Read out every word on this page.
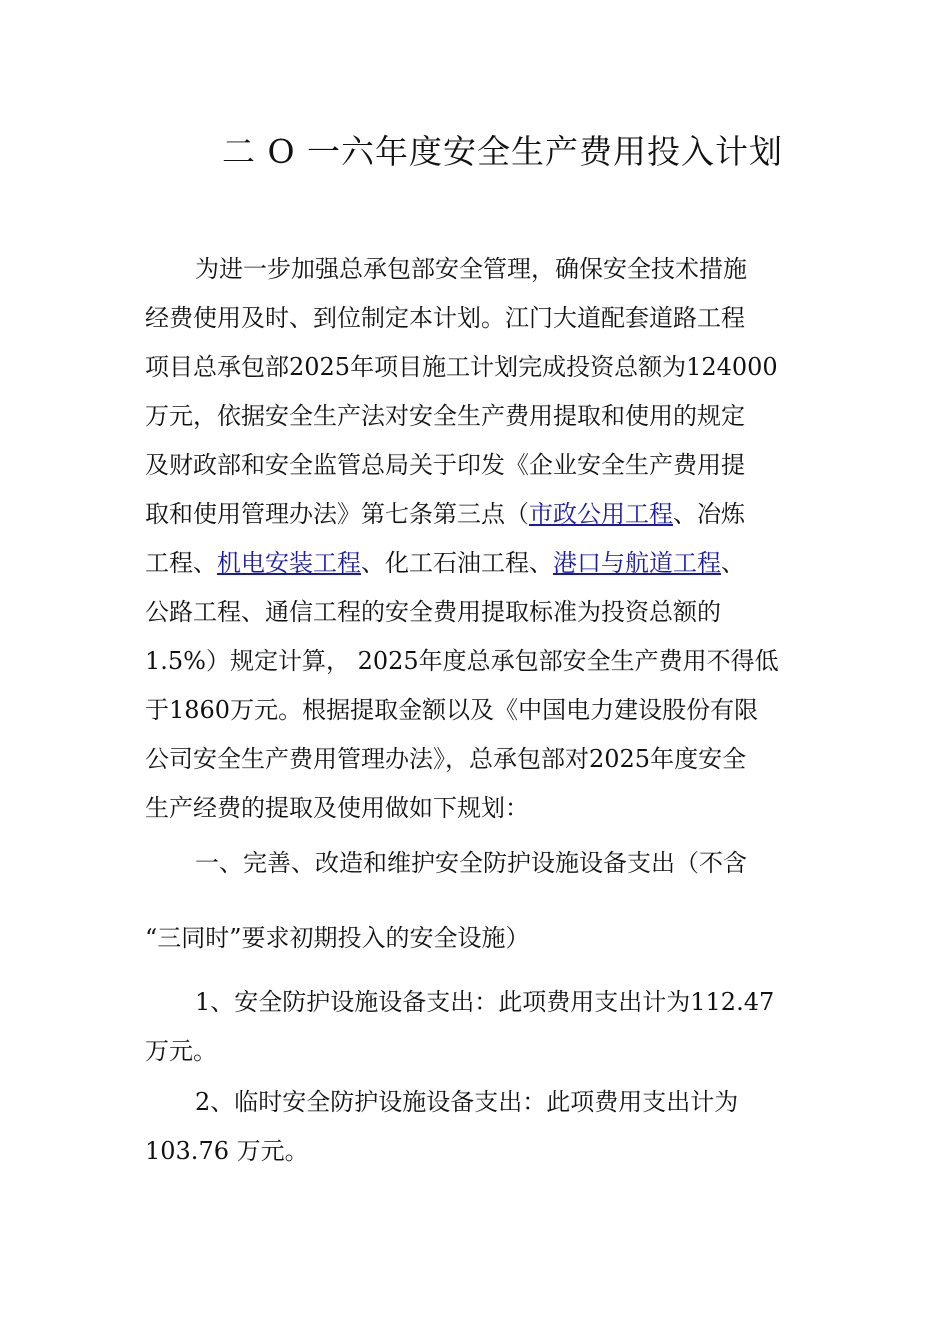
二 O 一六年度安全生产费用投入计划
为进一步加强总承包部安全管理，确保安全技术措施
经费使用及时、到位制定本计划。江门大道配套道路工程
项目总承包部2025年项目施工计划完成投资总额为124000
万元，依据安全生产法对安全生产费用提取和使用的规定
及财政部和安全监管总局关于印发《企业安全生产费用提
取和使用管理办法》第七条第三点（市政公用工程、冶炼
工程、机电安装工程、化工石油工程、港口与航道工程、
公路工程、通信工程的安全费用提取标准为投资总额的
1.5%）规定计算， 2025年度总承包部安全生产费用不得低
于1860万元。根据提取金额以及《中国电力建设股份有限
公司安全生产费用管理办法》，总承包部对2025年度安全
生产经费的提取及使用做如下规划：
一、完善、改造和维护安全防护设施设备支出（不含
“三同时”要求初期投入的安全设施）
1、安全防护设施设备支出：此项费用支出计为112.47
万元。
2、临时安全防护设施设备支出：此项费用支出计为
103.76 万元。
